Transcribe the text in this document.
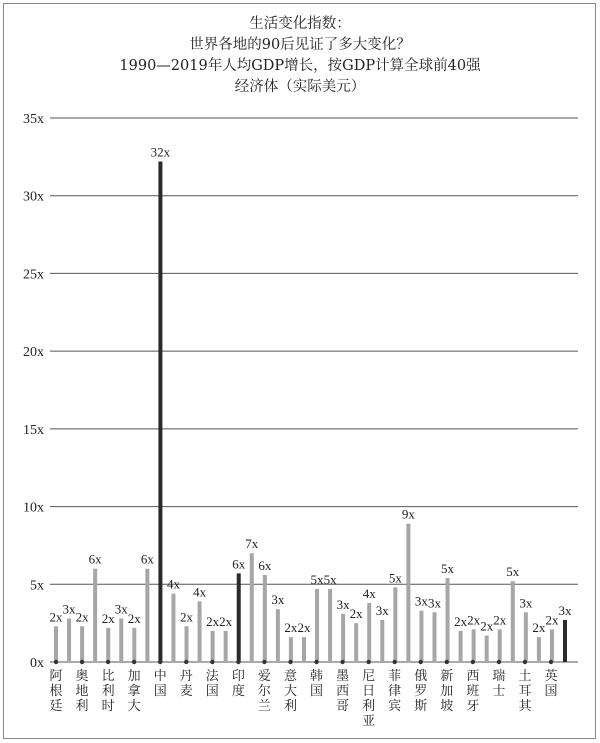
生活变化指数：
世界各地的90后见证了多大变化？
1990—2019年人均GDP增长，按GDP计算全球前40强
经济体（实际美元）
0x
5x
10x
15x
20x
25x
30x
35x
2x
3x
2x
6x
2x
3x
2x
6x
32x
4x
2x
4x
2x 2x
6x
7x
6x
3x
2x 2x
5x 5x
3x
2x
4x
3x
5x
9x
3x 3x
5x
2x 2x 2x 2x
5x
3x
2x
2x
3x
阿根廷
奥地利
比利时
加拿大
中国
丹麦
法国
印度
爱尔兰
意大利
韩国
墨西哥
尼日利亚
菲律宾
俄罗斯
新加坡
西班牙
瑞士
土耳其
英国
